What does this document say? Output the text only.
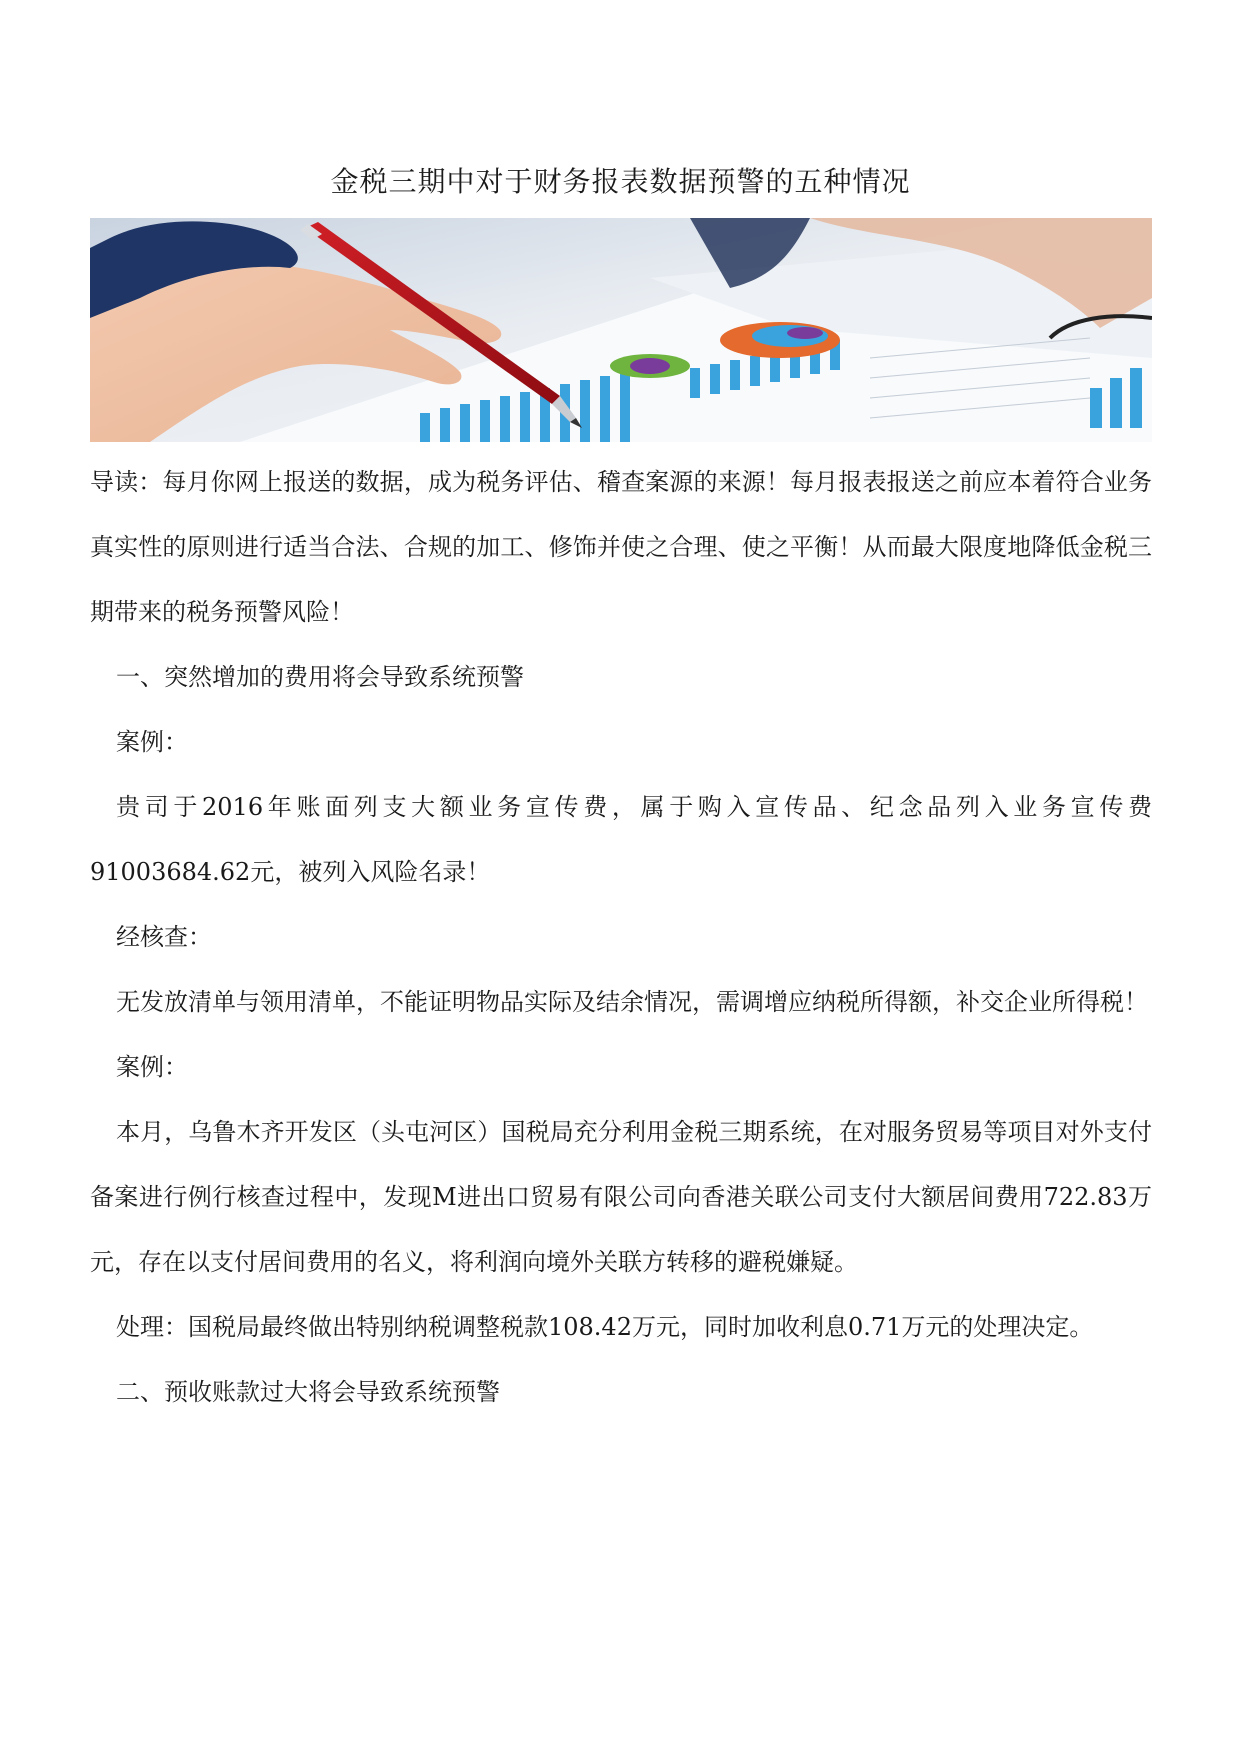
金税三期中对于财务报表数据预警的五种情况

导读：每月你网上报送的数据，成为税务评估、稽查案源的来源！每月报表报送之前应本着符合业务真实性的原则进行适当合法、合规的加工、修饰并使之合理、使之平衡！从而最大限度地降低金税三期带来的税务预警风险！

一、突然增加的费用将会导致系统预警

案例：

贵司于2016年账面列支大额业务宣传费，属于购入宣传品、纪念品列入业务宣传费91003684.62元，被列入风险名录！

经核查：

无发放清单与领用清单，不能证明物品实际及结余情况，需调增应纳税所得额，补交企业所得税！

案例：

本月，乌鲁木齐开发区（头屯河区）国税局充分利用金税三期系统，在对服务贸易等项目对外支付备案进行例行核查过程中，发现M进出口贸易有限公司向香港关联公司支付大额居间费用722.83万元，存在以支付居间费用的名义，将利润向境外关联方转移的避税嫌疑。

处理：国税局最终做出特别纳税调整税款108.42万元，同时加收利息0.71万元的处理决定。

二、预收账款过大将会导致系统预警
